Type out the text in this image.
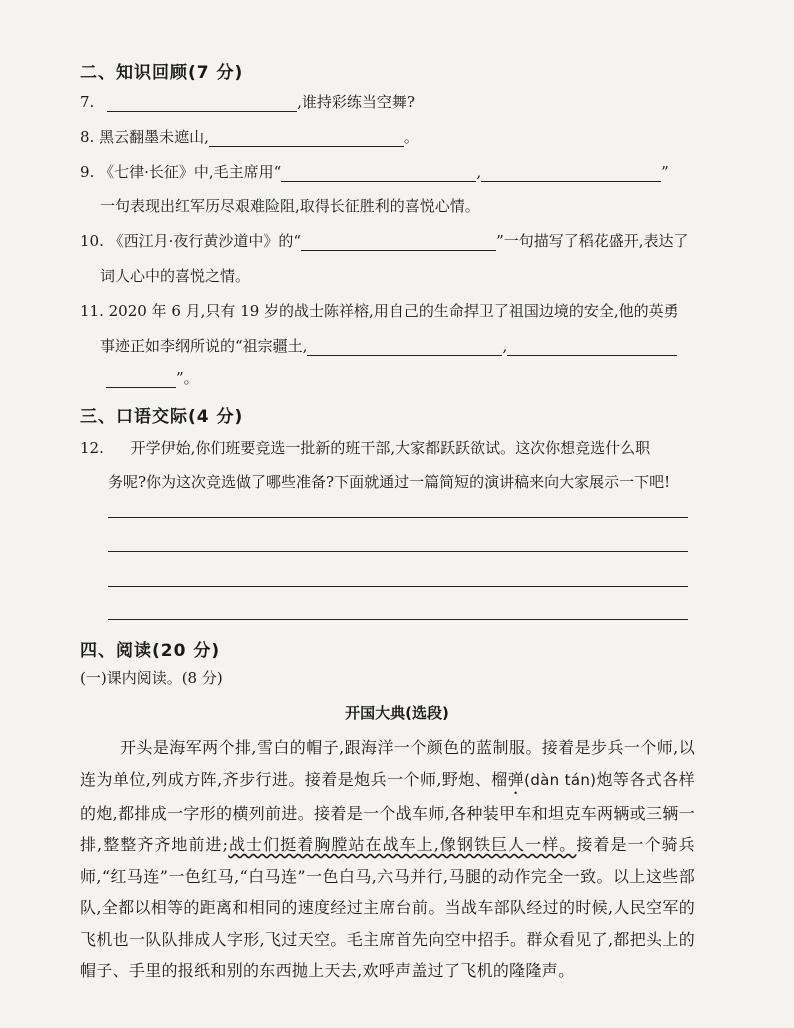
二、知识回顾(7 分)
7.	,谁持彩练当空舞?
8. 黑云翻墨未遮山,	。
9. 《七律·长征》中,毛主席用“	,	”
一句表现出红军历尽艰难险阻,取得长征胜利的喜悦心情。
10. 《西江月·夜行黄沙道中》的“	”一句描写了稻花盛开,表达了
词人心中的喜悦之情。
11. 2020 年 6 月,只有 19 岁的战士陈祥榕,用自己的生命捍卫了祖国边境的安全,他的英勇
事迹正如李纲所说的“祖宗疆土,	,
”。
三、口语交际(4 分)
12. 开学伊始,你们班要竞选一批新的班干部,大家都跃跃欲试。这次你想竞选什么职
务呢?你为这次竞选做了哪些准备?下面就通过一篇简短的演讲稿来向大家展示一下吧!
四、阅读(20 分)
(一)课内阅读。(8 分)
开国大典(选段)
开头是海军两个排,雪白的帽子,跟海洋一个颜色的蓝制服。接着是步兵一个师,以连为单位,列成方阵,齐步行进。接着是炮兵一个师,野炮、榴弹(dàn tán)炮等各式各样的炮,都排成一字形的横列前进。接着是一个战车师,各种装甲车和坦克车两辆或三辆一排,整整齐齐地前进;战士们挺着胸膛站在战车上,像钢铁巨人一样。接着是一个骑兵师,“红马连”一色红马,“白马连”一色白马,六马并行,马腿的动作完全一致。以上这些部队,全都以相等的距离和相同的速度经过主席台前。当战车部队经过的时候,人民空军的飞机也一队队排成人字形,飞过天空。毛主席首先向空中招手。群众看见了,都把头上的帽子、手里的报纸和别的东西抛上天去,欢呼声盖过了飞机的隆隆声。
